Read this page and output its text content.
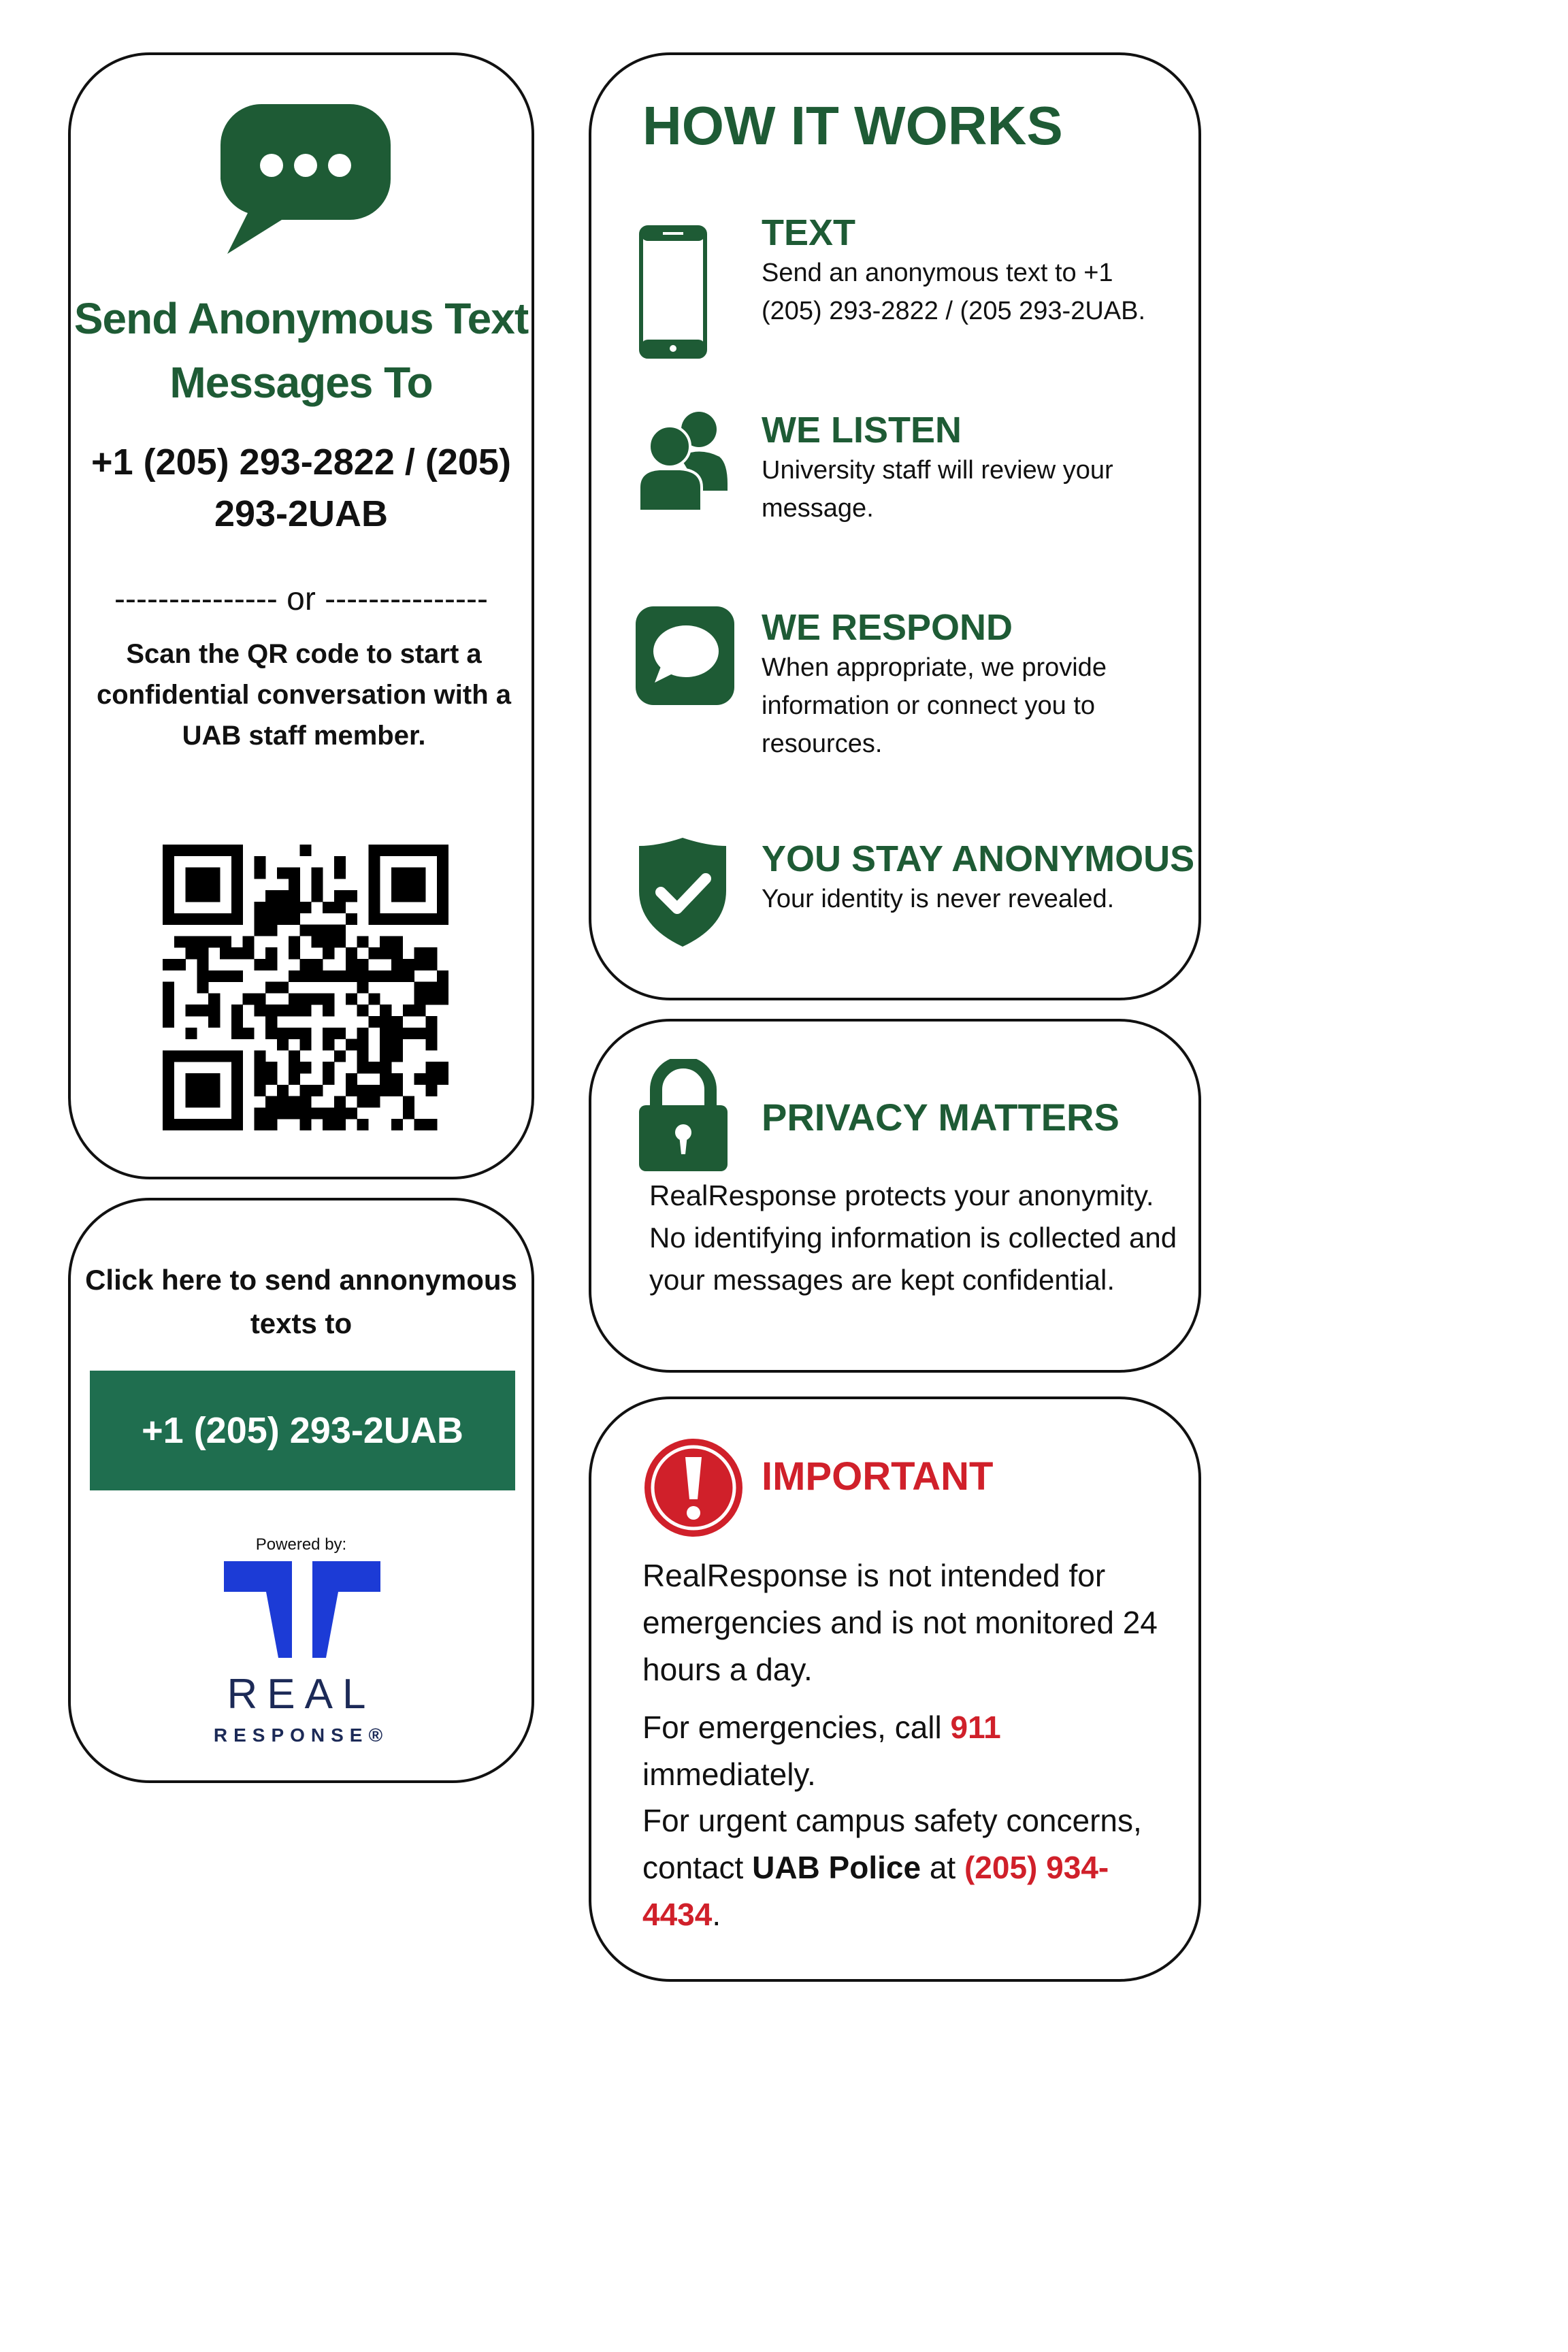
Send Anonymous Text Messages To
+1 (205) 293-2822 / (205) 293-2UAB
--------------- or ---------------
Scan the QR code to start a confidential conversation with a UAB staff member.
Click here to send annonymous texts to
+1 (205) 293-2UAB
Powered by:
REAL
RESPONSE®
HOW IT WORKS
TEXT
Send an anonymous text to +1 (205) 293-2822 / (205 293-2UAB.
WE LISTEN
University staff will review your message.
WE RESPOND
When appropriate, we provide information or connect you to resources.
YOU STAY ANONYMOUS
Your identity is never revealed.
PRIVACY MATTERS
RealResponse protects your anonymity. No identifying information is collected and your messages are kept confidential.
IMPORTANT
RealResponse is not intended for emergencies and is not monitored 24 hours a day.
For emergencies, call 911 immediately.
For urgent campus safety concerns, contact UAB Police at (205) 934-4434.
